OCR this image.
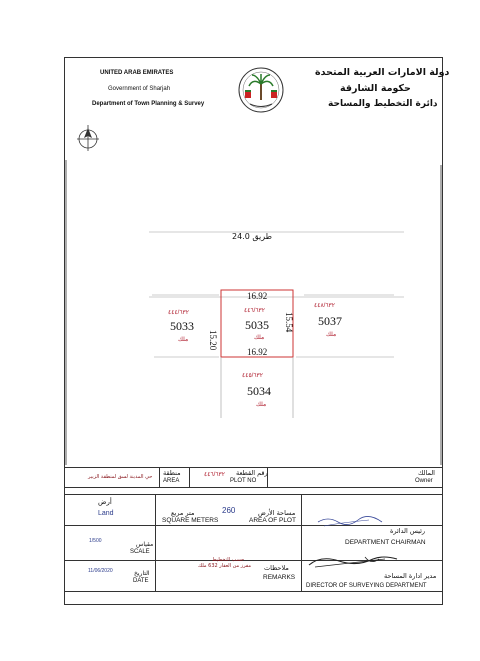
UNITED ARAB EMIRATES
Government of Sharjah
Department of Town Planning & Survey
دولة الامارات العربية المتحدة
حكومة الشارقة
دائرة التخطيط والمساحة
طريق 24.0
16.92
٤٤٦/٦٣٢
5035
ملك
16.92
15.20
15.54
٤٤٤/٦٣٢
5033
ملك
٤٤٨/٦٣٢
5037
ملك
٤٤٥/٦٣٢
5034
ملك
حي المدينة لسق لمنطقة الزبير منطقة
AREA
٤٤٦/٦٣٢ رقم القطعة
PLOT NO
المالك
Owner
أرض
Land	260
متر مربع
SQUARE METERS
مساحة الأرض
AREA OF PLOT
1/500	مقياس
SCALE
رئيس الدائرة
DEPARTMENT CHAIRMAN
11/06/2020	التاريخ
DATE
حسب التخطيط
مفرز من العقار 632 ملك ملاحظات
REMARKS	مدير ادارة المساحة
DIRECTOR OF SURVEYING DEPARTMENT
